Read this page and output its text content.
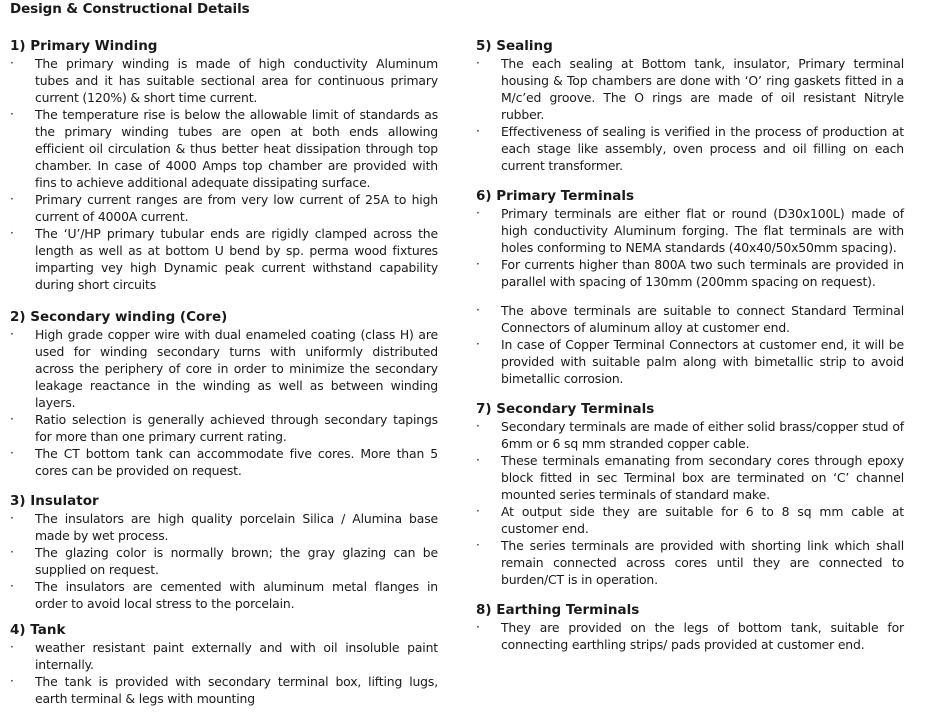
Design & Constructional Details
1) Primary Winding
·	The primary winding is made of high conductivity Aluminum tubes and it has suitable sectional area for continuous primary current (120%) & short time current.
·	The temperature rise is below the allowable limit of standards as the primary winding tubes are open at both ends allowing efficient oil circulation & thus better heat dissipation through top chamber. In case of 4000 Amps top chamber are provided with fins to achieve additional adequate dissipating surface.
·	Primary current ranges are from very low current of 25A to high current of 4000A current.
·	The ‘U’/HP primary tubular ends are rigidly clamped across the length as well as at bottom U bend by sp. perma wood fixtures imparting vey high Dynamic peak current withstand capability during short circuits
2) Secondary winding (Core)
·	High grade copper wire with dual enameled coating (class H) are used for winding secondary turns with uniformly distributed across the periphery of core in order to minimize the secondary leakage reactance in the winding as well as between winding layers.
·	Ratio selection is generally achieved through secondary tapings for more than one primary current rating.
·	The CT bottom tank can accommodate five cores. More than 5 cores can be provided on request.
3) Insulator
·	The insulators are high quality porcelain Silica / Alumina base made by wet process.
·	The glazing color is normally brown; the gray glazing can be supplied on request.
·	The insulators are cemented with aluminum metal flanges in order to avoid local stress to the porcelain.
4) Tank
·	weather resistant paint externally and with oil insoluble paint internally.
·	The tank is provided with secondary terminal box, lifting lugs, earth terminal & legs with mounting
5) Sealing
·	The each sealing at Bottom tank, insulator, Primary terminal housing & Top chambers are done with ‘O’ ring gaskets fitted in a M/c’ed groove. The O rings are made of oil resistant Nitryle rubber.
·	Effectiveness of sealing is verified in the process of production at each stage like assembly, oven process and oil filling on each current transformer.
6) Primary Terminals
·	Primary terminals are either flat or round (D30x100L) made of high conductivity Aluminum forging. The flat terminals are with holes conforming to NEMA standards (40x40/50x50mm spacing).
·	For currents higher than 800A two such terminals are provided in parallel with spacing of 130mm (200mm spacing on request).
·	The above terminals are suitable to connect Standard Terminal Connectors of aluminum alloy at customer end.
·	In case of Copper Terminal Connectors at customer end, it will be provided with suitable palm along with bimetallic strip to avoid bimetallic corrosion.
7) Secondary Terminals
·	Secondary terminals are made of either solid brass/copper stud of 6mm or 6 sq mm stranded copper cable.
·	These terminals emanating from secondary cores through epoxy block fitted in sec Terminal box are terminated on ‘C’ channel mounted series terminals of standard make.
·	At output side they are suitable for 6 to 8 sq mm cable at customer end.
·	The series terminals are provided with shorting link which shall remain connected across cores until they are connected to burden/CT is in operation.
8) Earthing Terminals
·	They are provided on the legs of bottom tank, suitable for connecting earthling strips/ pads provided at customer end.
